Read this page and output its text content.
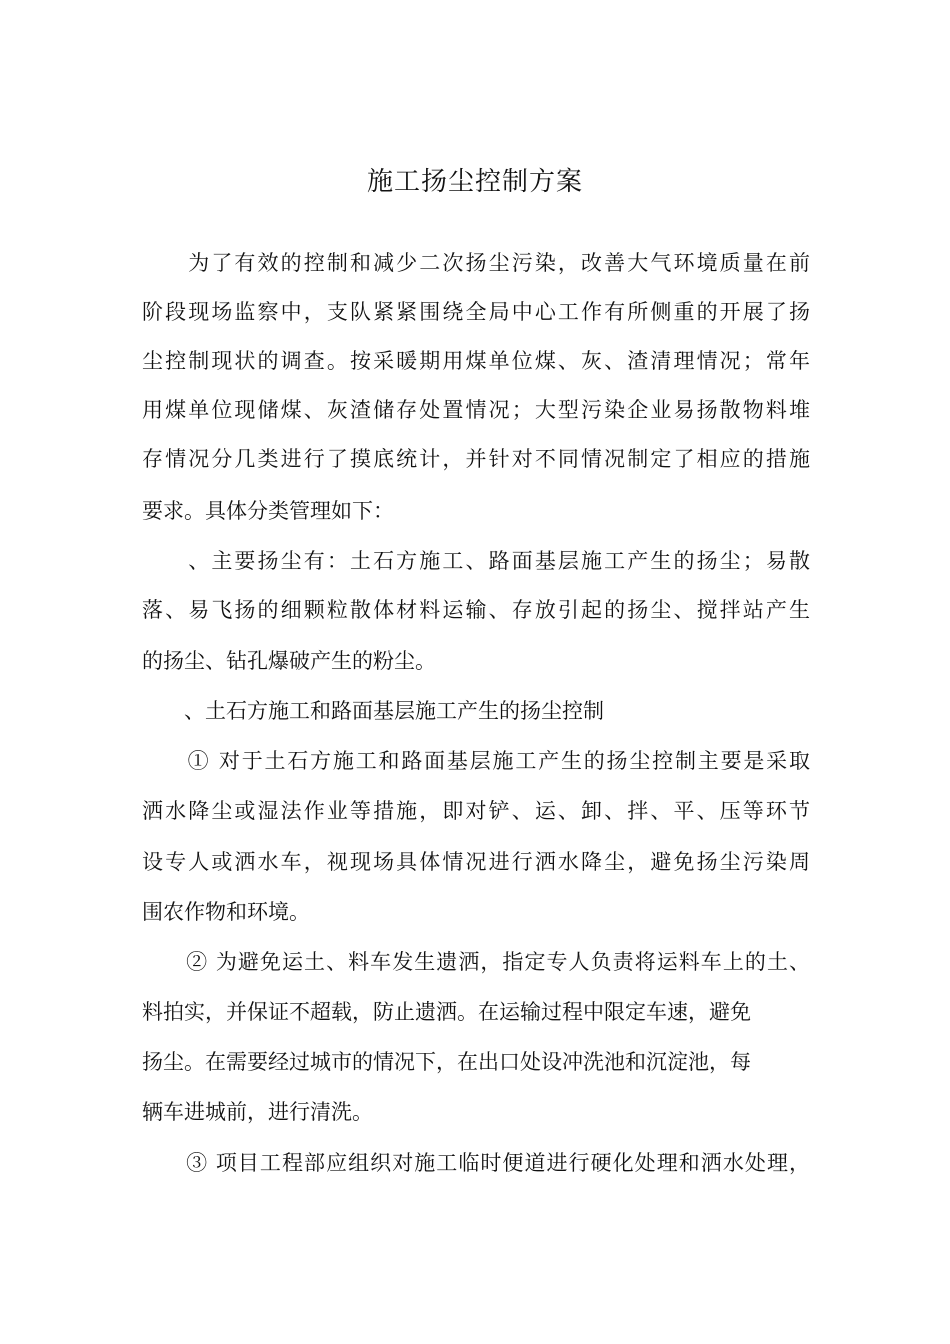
施工扬尘控制方案
　　为了有效的控制和减少二次扬尘污染，改善大气环境质量在前
阶段现场监察中，支队紧紧围绕全局中心工作有所侧重的开展了扬
尘控制现状的调查。按采暖期用煤单位煤、灰、渣清理情况；常年
用煤单位现储煤、灰渣储存处置情况；大型污染企业易扬散物料堆
存情况分几类进行了摸底统计，并针对不同情况制定了相应的措施
要求。具体分类管理如下：
　　、主要扬尘有：土石方施工、路面基层施工产生的扬尘；易散
落、易飞扬的细颗粒散体材料运输、存放引起的扬尘、搅拌站产生
的扬尘、钻孔爆破产生的粉尘。
　　、土石方施工和路面基层施工产生的扬尘控制
　　① 对于土石方施工和路面基层施工产生的扬尘控制主要是采取
洒水降尘或湿法作业等措施，即对铲、运、卸、拌、平、压等环节
设专人或洒水车，视现场具体情况进行洒水降尘，避免扬尘污染周
围农作物和环境。
　　② 为避免运土、料车发生遗洒，指定专人负责将运料车上的土、
料拍实，并保证不超载，防止遗洒。在运输过程中限定车速，避免
扬尘。在需要经过城市的情况下，在出口处设冲洗池和沉淀池，每
辆车进城前，进行清洗。
　　③ 项目工程部应组织对施工临时便道进行硬化处理和洒水处理，
